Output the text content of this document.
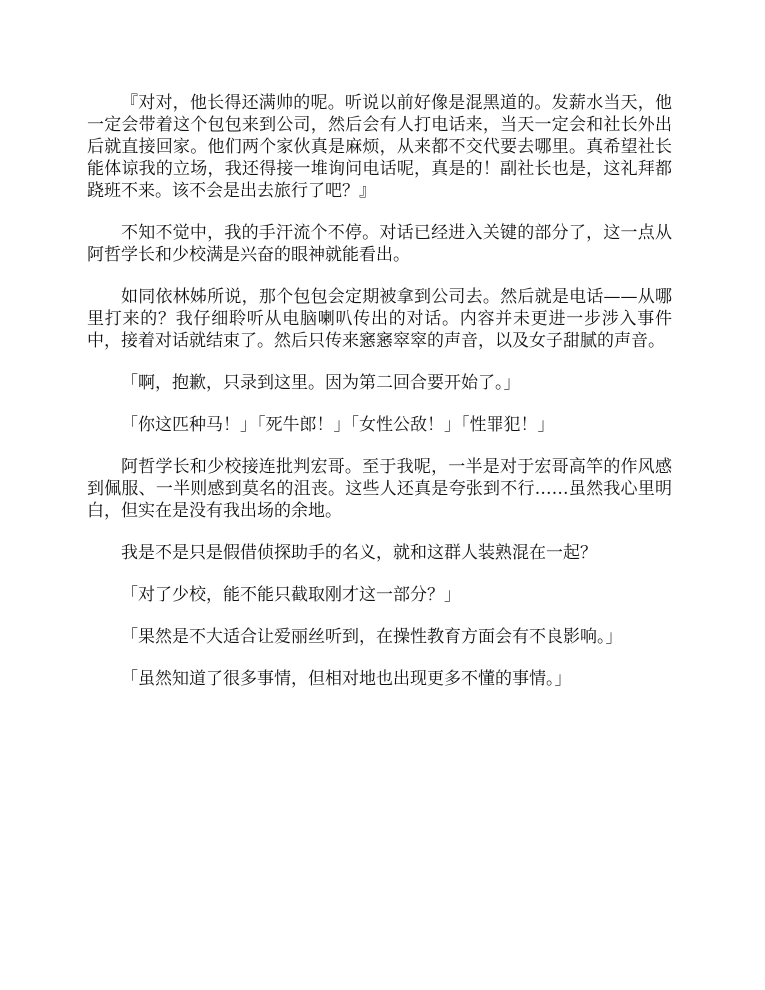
『对对，他长得还满帅的呢。听说以前好像是混黑道的。发薪水当天，他一定会带着这个包包来到公司，然后会有人打电话来，当天一定会和社长外出后就直接回家。他们两个家伙真是麻烦，从来都不交代要去哪里。真希望社长能体谅我的立场，我还得接一堆询问电话呢，真是的！副社长也是，这礼拜都跷班不来。该不会是出去旅行了吧？』

不知不觉中，我的手汗流个不停。对话已经进入关键的部分了，这一点从阿哲学长和少校满是兴奋的眼神就能看出。

如同依林姊所说，那个包包会定期被拿到公司去。然后就是电话——从哪里打来的？我仔细聆听从电脑喇叭传出的对话。内容并未更进一步涉入事件中，接着对话就结束了。然后只传来窸窸窣窣的声音，以及女子甜腻的声音。

「啊，抱歉，只录到这里。因为第二回合要开始了。」

「你这匹种马！」「死牛郎！」「女性公敌！」「性罪犯！」

阿哲学长和少校接连批判宏哥。至于我呢，一半是对于宏哥高竿的作风感到佩服、一半则感到莫名的沮丧。这些人还真是夸张到不行……虽然我心里明白，但实在是没有我出场的余地。

我是不是只是假借侦探助手的名义，就和这群人装熟混在一起？

「对了少校，能不能只截取刚才这一部分？」

「果然是不大适合让爱丽丝听到，在操性教育方面会有不良影响。」

「虽然知道了很多事情，但相对地也出现更多不懂的事情。」
